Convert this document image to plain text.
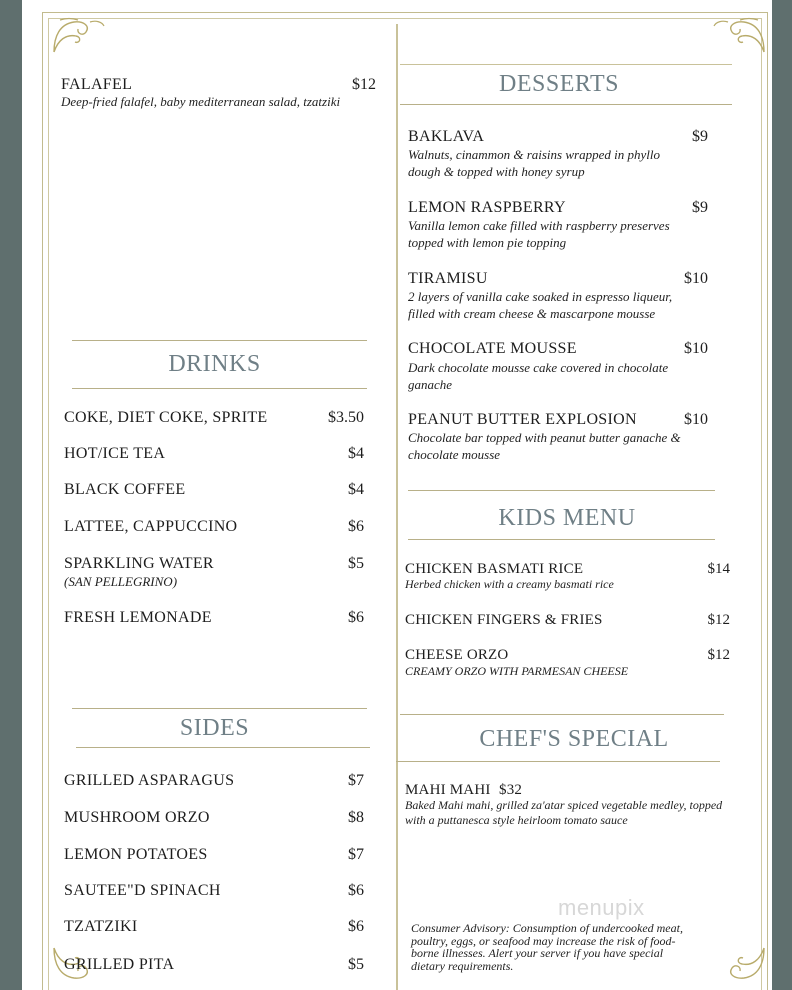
FALAFEL	$12
Deep-fried falafel, baby mediterranean salad, tzatziki
DRINKS
COKE, DIET COKE, SPRITE	$3.50
HOT/ICE TEA	$4
BLACK COFFEE	$4
LATTEE, CAPPUCCINO	$6
SPARKLING WATER	$5
(SAN PELLEGRINO)
FRESH LEMONADE	$6
SIDES
GRILLED ASPARAGUS	$7
MUSHROOM ORZO	$8
LEMON POTATOES	$7
SAUTEE"D SPINACH	$6
TZATZIKI	$6
GRILLED PITA	$5
DESSERTS
BAKLAVA	$9
Walnuts, cinammon & raisins wrapped in phyllo
dough & topped with honey syrup
LEMON RASPBERRY	$9
Vanilla lemon cake filled with raspberry preserves
topped with lemon pie topping
TIRAMISU	$10
2 layers of vanilla cake soaked in espresso liqueur,
filled with cream cheese & mascarpone mousse
CHOCOLATE MOUSSE	$10
Dark chocolate mousse cake covered in chocolate
ganache
PEANUT BUTTER EXPLOSION	$10
Chocolate bar topped with peanut butter ganache &
chocolate mousse
KIDS MENU
CHICKEN BASMATI RICE	$14
Herbed chicken with a creamy basmati rice
CHICKEN FINGERS & FRIES	$12
CHEESE ORZO	$12
CREAMY ORZO WITH PARMESAN CHEESE
CHEF'S SPECIAL
MAHI MAHI $32
Baked Mahi mahi, grilled za'atar spiced vegetable medley, topped
with a puttanesca style heirloom tomato sauce
menupix
Consumer Advisory: Consumption of undercooked meat,
poultry, eggs, or seafood may increase the risk of food-
borne illnesses. Alert your server if you have special
dietary requirements.
